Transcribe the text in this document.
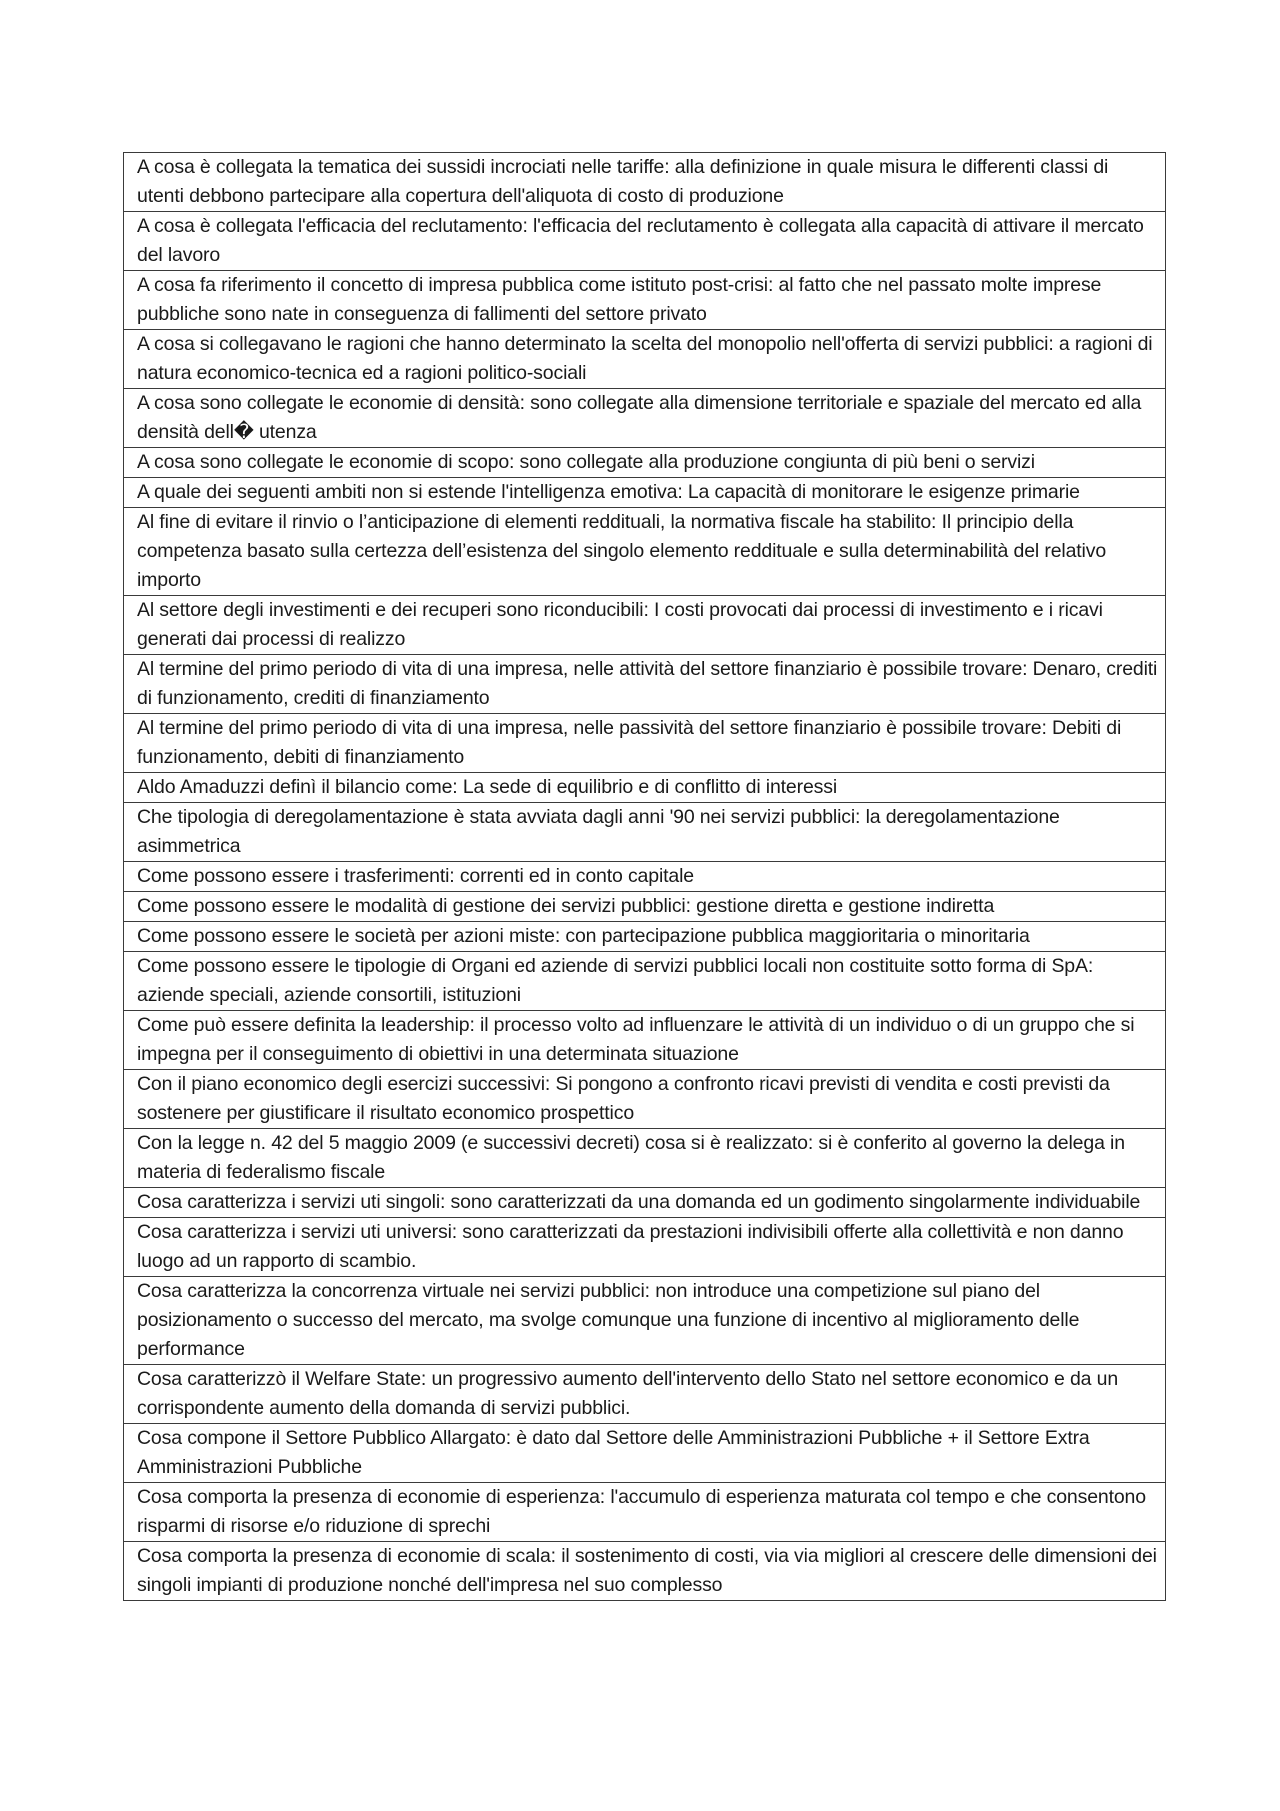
A cosa è collegata la tematica dei sussidi incrociati nelle tariffe: alla definizione in quale misura le differenti classi di utenti debbono partecipare alla copertura dell'aliquota di costo di produzione
A cosa è collegata l'efficacia del reclutamento: l'efficacia del reclutamento è collegata alla capacità di attivare il mercato del lavoro
A cosa fa riferimento il concetto di impresa pubblica come istituto post-crisi: al fatto che nel passato molte imprese pubbliche sono nate in conseguenza di fallimenti del settore privato
A cosa si collegavano le ragioni che hanno determinato la scelta del monopolio nell'offerta di servizi pubblici: a ragioni di natura economico-tecnica ed a ragioni politico-sociali
A cosa sono collegate le economie di densità: sono collegate alla dimensione territoriale e spaziale del mercato ed alla densità dell� utenza
A cosa sono collegate le economie di scopo: sono collegate alla produzione congiunta di più beni o servizi
A quale dei seguenti ambiti non si estende l'intelligenza emotiva: La capacità di monitorare le esigenze primarie
Al fine di evitare il rinvio o l’anticipazione di elementi reddituali, la normativa fiscale ha stabilito: Il principio della competenza basato sulla certezza dell’esistenza del singolo elemento reddituale e sulla determinabilità del relativo importo
Al settore degli investimenti e dei recuperi sono riconducibili: I costi provocati dai processi di investimento e i ricavi generati dai processi di realizzo
Al termine del primo periodo di vita di una impresa, nelle attività del settore finanziario è possibile trovare: Denaro, crediti di funzionamento, crediti di finanziamento
Al termine del primo periodo di vita di una impresa, nelle passività del settore finanziario è possibile trovare: Debiti di funzionamento, debiti di finanziamento
Aldo Amaduzzi definì il bilancio come: La sede di equilibrio e di conflitto di interessi
Che tipologia di deregolamentazione è stata avviata dagli anni '90 nei servizi pubblici: la deregolamentazione asimmetrica
Come possono essere i trasferimenti: correnti ed in conto capitale
Come possono essere le modalità di gestione dei servizi pubblici: gestione diretta e gestione indiretta
Come possono essere le società per azioni miste: con partecipazione pubblica maggioritaria o minoritaria
Come possono essere le tipologie di Organi ed aziende di servizi pubblici locali non costituite sotto forma di SpA: aziende speciali, aziende consortili, istituzioni
Come può essere definita la leadership: il processo volto ad influenzare le attività di un individuo o di un gruppo che si impegna per il conseguimento di obiettivi in una determinata situazione
Con il piano economico degli esercizi successivi: Si pongono a confronto ricavi previsti di vendita e costi previsti da sostenere per giustificare il risultato economico prospettico
Con la legge n. 42 del 5 maggio 2009 (e successivi decreti) cosa si è realizzato: si è conferito al governo la delega in materia di federalismo fiscale
Cosa caratterizza i servizi uti singoli: sono caratterizzati da una domanda ed un godimento singolarmente individuabile
Cosa caratterizza i servizi uti universi: sono caratterizzati da prestazioni indivisibili offerte alla collettività e non danno luogo ad un rapporto di scambio.
Cosa caratterizza la concorrenza virtuale nei servizi pubblici: non introduce una competizione sul piano del posizionamento o successo del mercato, ma svolge comunque una funzione di incentivo al miglioramento delle performance
Cosa caratterizzò il Welfare State: un progressivo aumento dell'intervento dello Stato nel settore economico e da un corrispondente aumento della domanda di servizi pubblici.
Cosa compone il Settore Pubblico Allargato: è dato dal Settore delle Amministrazioni Pubbliche + il Settore Extra Amministrazioni Pubbliche
Cosa comporta la presenza di economie di esperienza: l'accumulo di esperienza maturata col tempo e che consentono risparmi di risorse e/o riduzione di sprechi
Cosa comporta la presenza di economie di scala: il sostenimento di costi, via via migliori al crescere delle dimensioni dei singoli impianti di produzione nonché dell'impresa nel suo complesso
